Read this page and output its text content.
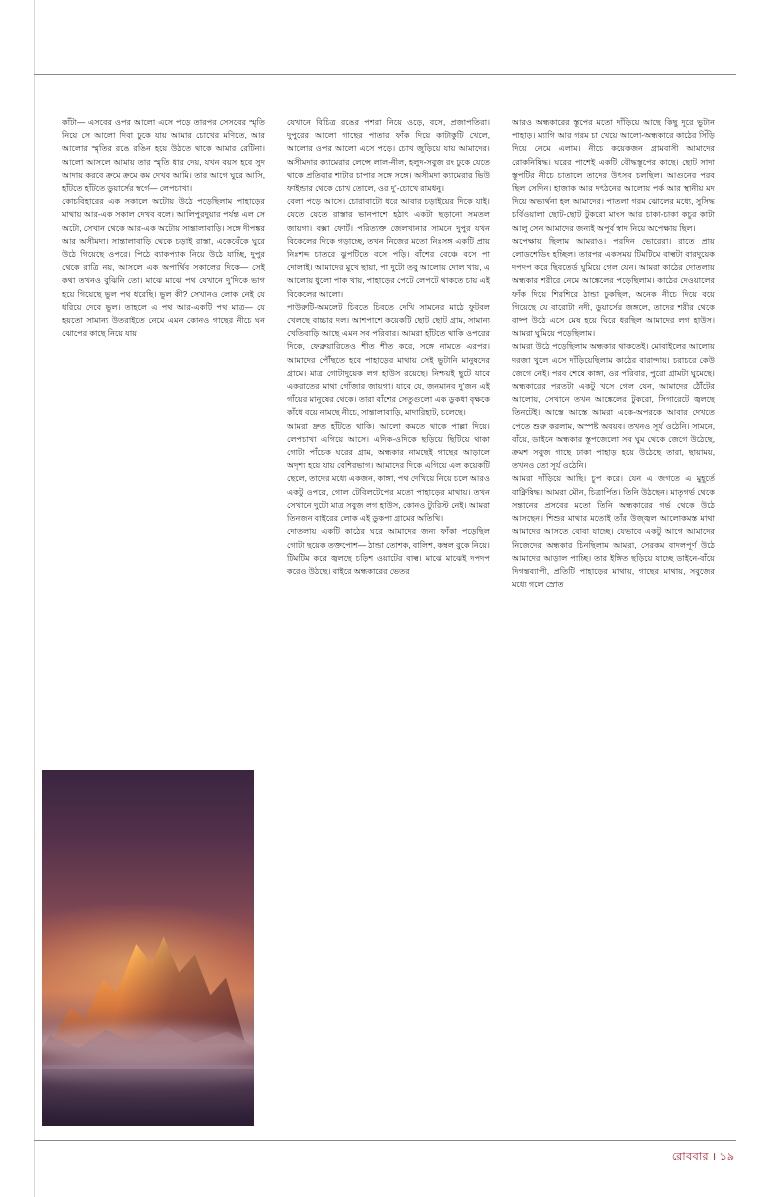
কাঁটা— এসবের ওপর আলো এসে পড়ে তারপর সেসবের স্মৃতি নিয়ে সে আলো দিবা ঢুকে যায় আমার চোখের মণিতে, আর আলোর স্মৃতির রঙে রঙিন হয়ে উঠতে থাকে আমার রেটিনা। আলো আসলে আমায় তার স্মৃতি ধার দেয়, যখন বয়স হবে সুদ আদায় করবে ক্রমে ক্রমে কম দেখব আমি। তার আগে ঘুরে আসি, হাঁটতে হাঁটতে ডুয়ার্সের স্বর্গে— লেপচাখা।

কোচবিহারের এক সকালে অটোয় উঠে পড়েছিলাম পাহাড়ের মাথায় আর-এক সকাল দেখব বলে। আলিপুরদুয়ার পর্যন্ত এল সে অটো, সেখান থেকে আর-এক অটোয় সান্তালাবাড়ি। সঙ্গে দীপঙ্কর আর অসীমদা। সান্তালাবাড়ি থেকে চড়াই রাস্তা, একেবেঁকে ঘুরে উঠে গিয়েছে ওপরে। পিঠে ব্যাকপ্যাক নিয়ে উঠে যাচ্ছি, দুপুর থেকে রাত্রি নয়, আসলে এক অপার্থিব সকালের দিকে— সেই কথা তখনও বুঝিনি তো। মাঝে মাঝে পথ যেখানে দু’দিকে ভাগ হয়ে গিয়েছে ভুল পথ ধরেছি। ভুল কী? সেখানও লোক নেই যে ধরিয়ে দেবে ভুল। তাহলে এ পথ আর-একটি পথ মাত্র— যে হয়তো সামান্য উতরাইতে নেমে এমন কোনও গাছের নীচে ঘন ঝোপের কাছে নিয়ে যায়

যেখানে বিচিত্র রঙের পশরা নিয়ে ওড়ে, বসে, প্রজাপতিরা। দুপুরের আলো গাছের পাতার ফাঁক দিয়ে কাটাকুটি খেলে, আলোর ওপর আলো এসে পড়ে। চোখ জুড়িয়ে যায় আমাদের। অসীমদার ক্যামেরার লেন্সে লাল-নীল, হলুদ-সবুজ রং ঢুকে যেতে থাকে প্রতিবার শাটার চাপার সঙ্গে সঙ্গে। অসীমদা ক্যামেরার ভিউ ফাইন্ডার থেকে চোখ তোলে, ওর দু’-চোখে রামধনু।

বেলা পড়ে আসে। চোরাবাটো ধরে আবার চড়াইয়ের দিকে যাই। যেতে যেতে রাস্তার ভানপাশে হঠাৎ একটা ছড়ানো সমতল জায়গা। বক্সা ফোর্ট। পরিত্যক্ত জেলখানার সামনে দুপুর যখন বিকেলের দিকে গড়াচ্ছে, তখন নিজের মতো নিঃসঙ্গ একটি প্রায় নিঃশব্দ চাতরে ঝুপটিতে বসে পড়ি। বাঁশের বেঞ্চে বসে পা দোলাই। আমাদের মুখে ছায়া, পা দুটো তবু আলোয় দোল খায়, এ আলোয় ধুলো পাক খায়, পাহাড়ের পেটে লেপটে থাকতে চায় এই বিকেলের আলো।

পাউরুটি-অমলেট চিবতে চিবতে দেখি সামনের মাঠে ফুটবল খেলছে বাচ্চার দল। আশপাশে কয়েকটি ছোট ছোট গ্রাম, সামান্য খেতিবাড়ি আছে এমন সব পরিবার। আমরা হাঁটতে থাকি ওপরের দিকে, ফেব্রুয়ারিতেও শীত শীত করে, সঙ্গে নামতে এরপর। আমাদের পৌঁছতে হবে পাহাড়ের মাথায় সেই ভুটানি মানুষদের গ্রামে। মাত্র গোটাদুয়েক লগ হাউস রয়েছে। নিশ্চয়ই ছুটে যাবে একরাতের মাথা গোঁজার জায়গা। যাবে যে, জনমানব দু’জন এই গাঁয়ের মানুষের থেকে। তারা বাঁশের সেতুগুলো এক ডুকধা বৃক্ষকে কাঁধে বয়ে নামছে নীচে, সান্তালাবাড়ি, মাদারিহাট, চলেছে।

আমরা দ্রুত হাঁটতে থাকি। আলো কমতে থাকে পাল্লা দিয়ে। লেপচাখা এগিয়ে আসে। এদিক-ওদিকে ছড়িয়ে ছিটিয়ে থাকা গোটা পাঁচেক ঘরের গ্রাম, অন্ধকার নামছেই গাছের আড়ালে অদৃশ্য হয়ে যায় বেশিরভাগ। আমাদের দিকে এগিয়ে এল কয়েকটি ছেলে, তাদের মধ্যে একজন, কাঙ্গা, পথ দেখিয়ে নিয়ে চলে আরও একটু ওপরে, গোল টেবিলটেপের মতো পাহাড়ের মাথায়। তখন সেখানে দুটো মাত্র সবুজ লগ হাউস, কোনও ট্যুরিস্ট নেই। আমরা তিনজন বাইরের লোক এই ডুকপা গ্রামের অতিথি।

দোতলায় একটি কাঠের ঘরে আমাদের জন্য ফাঁকা পড়েছিল গোটা ছয়েক তক্তপোশ— ঠান্ডা তোশক, বালিশ, কম্বল বুকে নিয়ে। টিমটিম করে জ্বলছে চড়িশ ওয়াটের বাল্ব। মাঝে মাঝেই দপদপ করেও উঠছে। বাইরে অন্ধকারের ভেতর

আরও অন্ধকারের স্তূপের মতো দাঁড়িয়ে আছে কিছু দূরে ভুটান পাহাড়। ম্যাগি আর গরম চা খেয়ে আলো-অন্ধকারে কাঠের সিঁড়ি দিয়ে নেমে এলাম। নীচে কয়েকজন গ্রামবাসী আমাদের রোকনিষিদ্ধ। ঘরের পাশেই একটি বৌদ্ধস্তূপের কাছে। ছোট সাদা স্তূপটির নীচে চাতালে তাদের উৎসব চলছিল। আগুনের পরব ছিল সেদিন। হাজাক আর দৎঠনের আলোয় পর্ক আর স্থানীয় মদ দিয়ে অভ্যর্থনা হল আমাদের। পাতলা গরম ঝোলের মধ্যে, সুসিদ্ধ চর্বিওয়ালা ছোট-ছোট টুকরো মাংস আর চাকা-চাকা কচুর কাটা আলু সেন আমাদের জন্যই অপূর্ব স্বাদ নিয়ে অপেক্ষায় ছিল।

অপেক্ষায় ছিলাম আমরাও। পরদিন ভোরেরা। রাতে প্রায় লোডশেডিং হচ্ছিল। তারপর একসময় টিমটিমে বাল্বটা বারদুয়েক দপদপ করে ছিবতের্ড ঘুমিয়ে গেল যেন। আমরা কাঠের দোতলায় অন্ধকার শরীরে নেমে আঙ্কেলের পড়েছিলাম। কাঠের দেওয়ালের ফাঁক দিয়ে শিরশিরে ঠান্ডা ঢুকছিল, অনেক নীচে দিয়ে বয়ে গিয়েছে যে বারোটা নদী, ডুয়ার্সের জঙ্গলে, তাদের শরীর থেকে বাষ্প উঠে এসে মেষ হয়ে ঘিরে ধরছিল আমাদের লগ হাউস। আমরা ঘুমিয়ে পড়েছিলাম।

আমরা উঠে পড়েছিলাম অন্ধকার থাকতেই। মোবাইলের আলোয় দরজা খুলে এসে দাঁড়িয়েছিলাম কাঠের বারান্দায়। চরাচরে কেউ জেগে নেই। পরব শেষে কাঙ্গা, ওর পরিবার, পুরো গ্রামটা ঘুমেছে। অন্ধকারের পরতটা একটু খসে গেল যেন, আমাদের ঠৌঁটের আলোয়, সেখানে তখন আঙ্কেলের টুকরো, সিগারেটে জ্বলছে তিনটেই। আস্তে আস্তে আমরা একে-অপরকে আবার দেখতে পেতে শুরু করলাম, অস্পষ্ট অবয়ব। তখনও সূর্য ওঠেনি। সামনে, বাঁয়ে, ডাইনে অন্ধকার স্তূপজেলো সব ঘুম থেকে জেগে উঠেছে, ক্রমশ সবুজ গাছে ঢাকা পাহাড় হয়ে উঠেছে তারা, ছায়াময়, তখনও তো সূর্য ওঠেনি।

আমরা দাঁড়িয়ে আছি। চুপ করে। যেন এ জগতে এ মুহূর্তে বাক্নিষিদ্ধ। আমরা মৌন, চিত্রার্পিত। তিনি উঠছেন। মাতৃগর্ভ থেকে সন্তানের প্রসবের মতো তিনি অন্ধকারের গর্ভ থেকে উঠে আসছেন। শিশুর মাথার মতোই তাঁর উজ্জ্বল আলোকমস্ত মাথা আমাদের আসতে বোবা যাচ্ছে। যেভাবে একটু আগে আমাদের নিজেদের অন্ধকার চিনছিলাম আমরা, সেরকম বাদলপূর্ণ উঠে আমাদের আড়াল পাচ্ছি। তার ইঙ্গিত ছড়িয়ে যাচ্ছে ডাইনে-বাঁয়ে দিগন্তব্যাপী, প্রতিটি পাহাড়ের মাথায়, গাছের মাথায়, সবুজের মধ্যে গলে স্রোত

রোববার । ১৯
